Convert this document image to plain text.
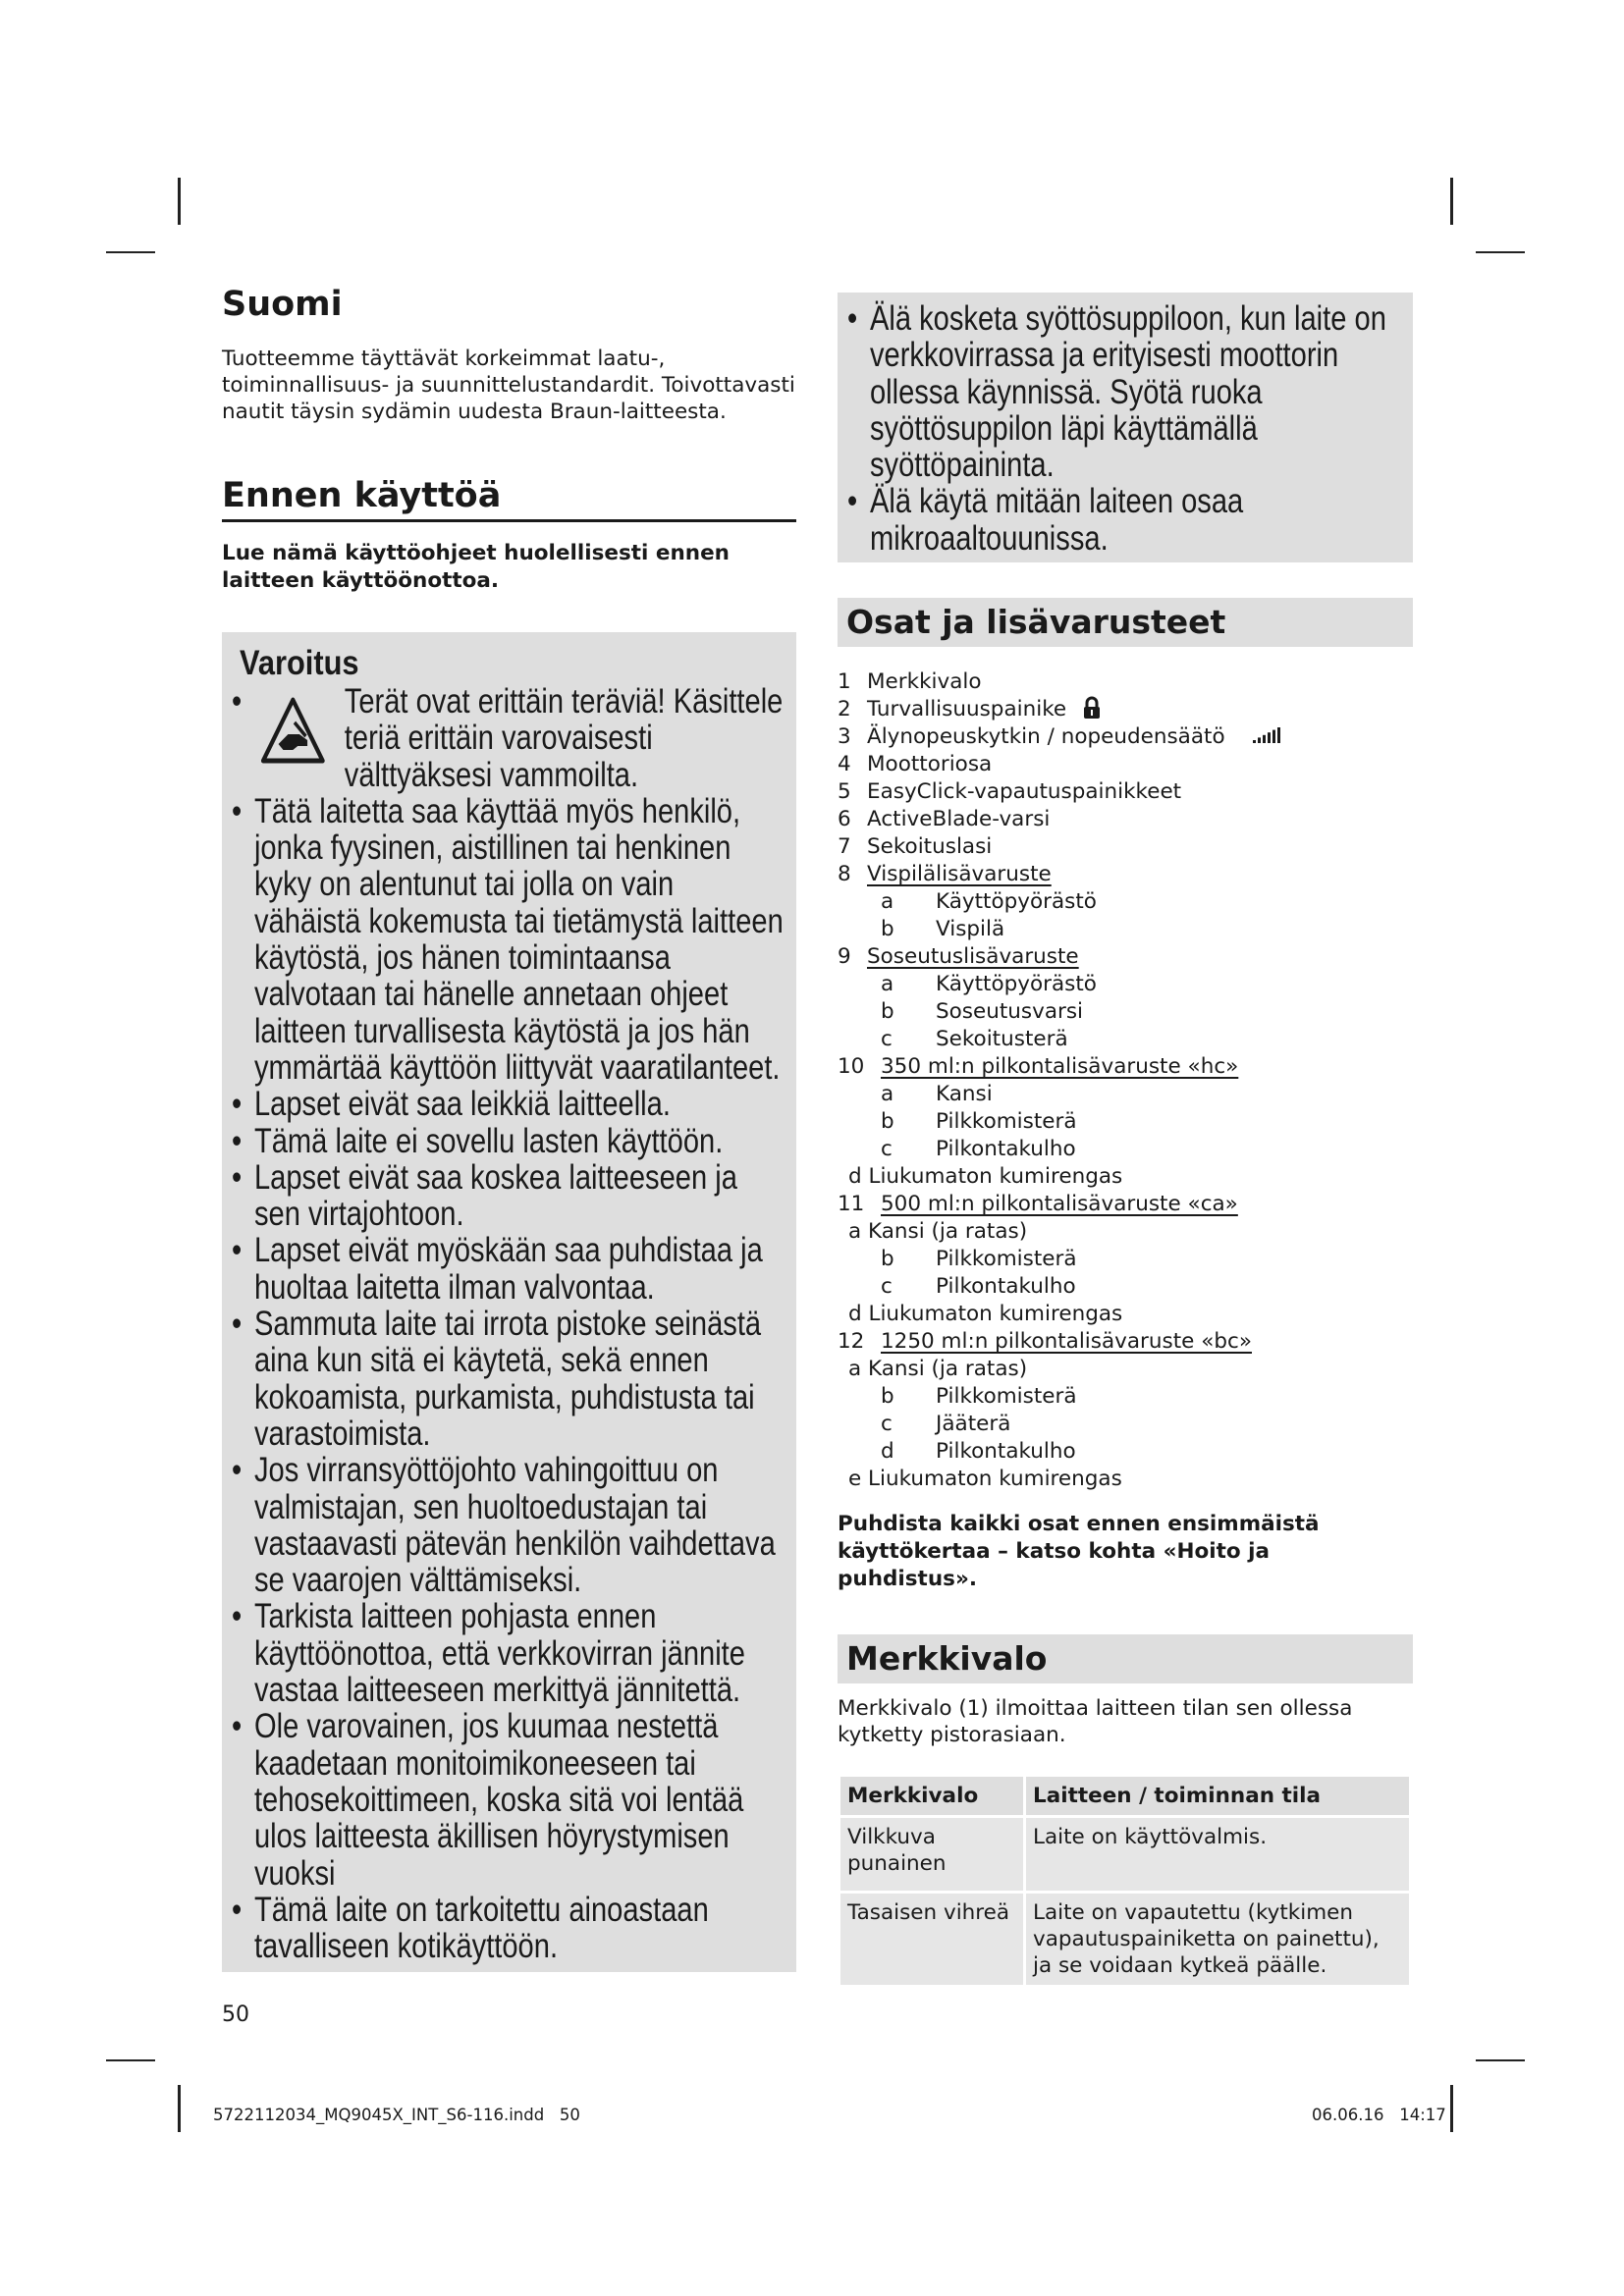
Suomi

Tuotteemme täyttävät korkeimmat laatu-, toiminnallisuus- ja suunnittelustandardit. Toivottavasti nautit täysin sydämin uudesta Braun-laitteesta.

Ennen käyttöä

Lue nämä käyttöohjeet huolellisesti ennen laitteen käyttöönottoa.

Varoitus
• Terät ovat erittäin teräviä! Käsittele teriä erittäin varovaisesti välttyäksesi vammoilta.
• Tätä laitetta saa käyttää myös henkilö, jonka fyysinen, aistillinen tai henkinen kyky on alentunut tai jolla on vain vähäistä kokemusta tai tietämystä laitteen käytöstä, jos hänen toimintaansa valvotaan tai hänelle annetaan ohjeet laitteen turvallisesta käytöstä ja jos hän ymmärtää käyttöön liittyvät vaaratilanteet.
• Lapset eivät saa leikkiä laitteella.
• Tämä laite ei sovellu lasten käyttöön.
• Lapset eivät saa koskea laitteeseen ja sen virtajohtoon.
• Lapset eivät myöskään saa puhdistaa ja huoltaa laitetta ilman valvontaa.
• Sammuta laite tai irrota pistoke seinästä aina kun sitä ei käytetä, sekä ennen kokoamista, purkamista, puhdistusta tai varastoimista.
• Jos virransyöttöjohto vahingoittuu on valmistajan, sen huoltoedustajan tai vastaavasti pätevän henkilön vaihdettava se vaarojen välttämiseksi.
• Tarkista laitteen pohjasta ennen käyttöönottoa, että verkkovirran jännite vastaa laitteeseen merkittyä jännitettä.
• Ole varovainen, jos kuumaa nestettä kaadetaan monitoimikoneeseen tai tehosekoittimeen, koska sitä voi lentää ulos laitteesta äkillisen höyrystymisen vuoksi
• Tämä laite on tarkoitettu ainoastaan tavalliseen kotikäyttöön.
• Älä kosketa syöttösuppiloon, kun laite on verkkovirrassa ja erityisesti moottorin ollessa käynnissä. Syötä ruoka syöttösuppilon läpi käyttämällä syöttöpaininta.
• Älä käytä mitään laiteen osaa mikroaaltouunissa.
Osat ja lisävarusteet
1 Merkkivalo
2 Turvallisuuspainike
3 Älynopeuskytkin / nopeudensäätö
4 Moottoriosa
5 EasyClick-vapautuspainikkeet
6 ActiveBlade-varsi
7 Sekoituslasi
8 Vispilälisävaruste
a Käyttöpyörästö
b Vispilä
9 Soseutuslisävaruste
a Käyttöpyörästö
b Soseutusvarsi
c Sekoitusterä
10 350 ml:n pilkontalisävaruste «hc»
a Kansi
b Pilkkomisterä
c Pilkontakulho
d Liukumaton kumirengas
11 500 ml:n pilkontalisävaruste «ca»
a Kansi (ja ratas)
b Pilkkomisterä
c Pilkontakulho
d Liukumaton kumirengas
12 1250 ml:n pilkontalisävaruste «bc»
a Kansi (ja ratas)
b Pilkkomisterä
c Jääterä
d Pilkontakulho
e Liukumaton kumirengas

Puhdista kaikki osat ennen ensimmäistä käyttökertaa – katso kohta «Hoito ja puhdistus».

Merkkivalo

Merkkivalo (1) ilmoittaa laitteen tilan sen ollessa kytketty pistorasiaan.

Merkkivalo	Laitteen / toiminnan tila
Vilkkuva punainen	Laite on käyttövalmis.
Tasaisen vihreä	Laite on vapautettu (kytkimen vapautuspainiketta on painettu), ja se voidaan kytkeä päälle.
50
5722112034_MQ9045X_INT_S6-116.indd   50	06.06.16   14:17
